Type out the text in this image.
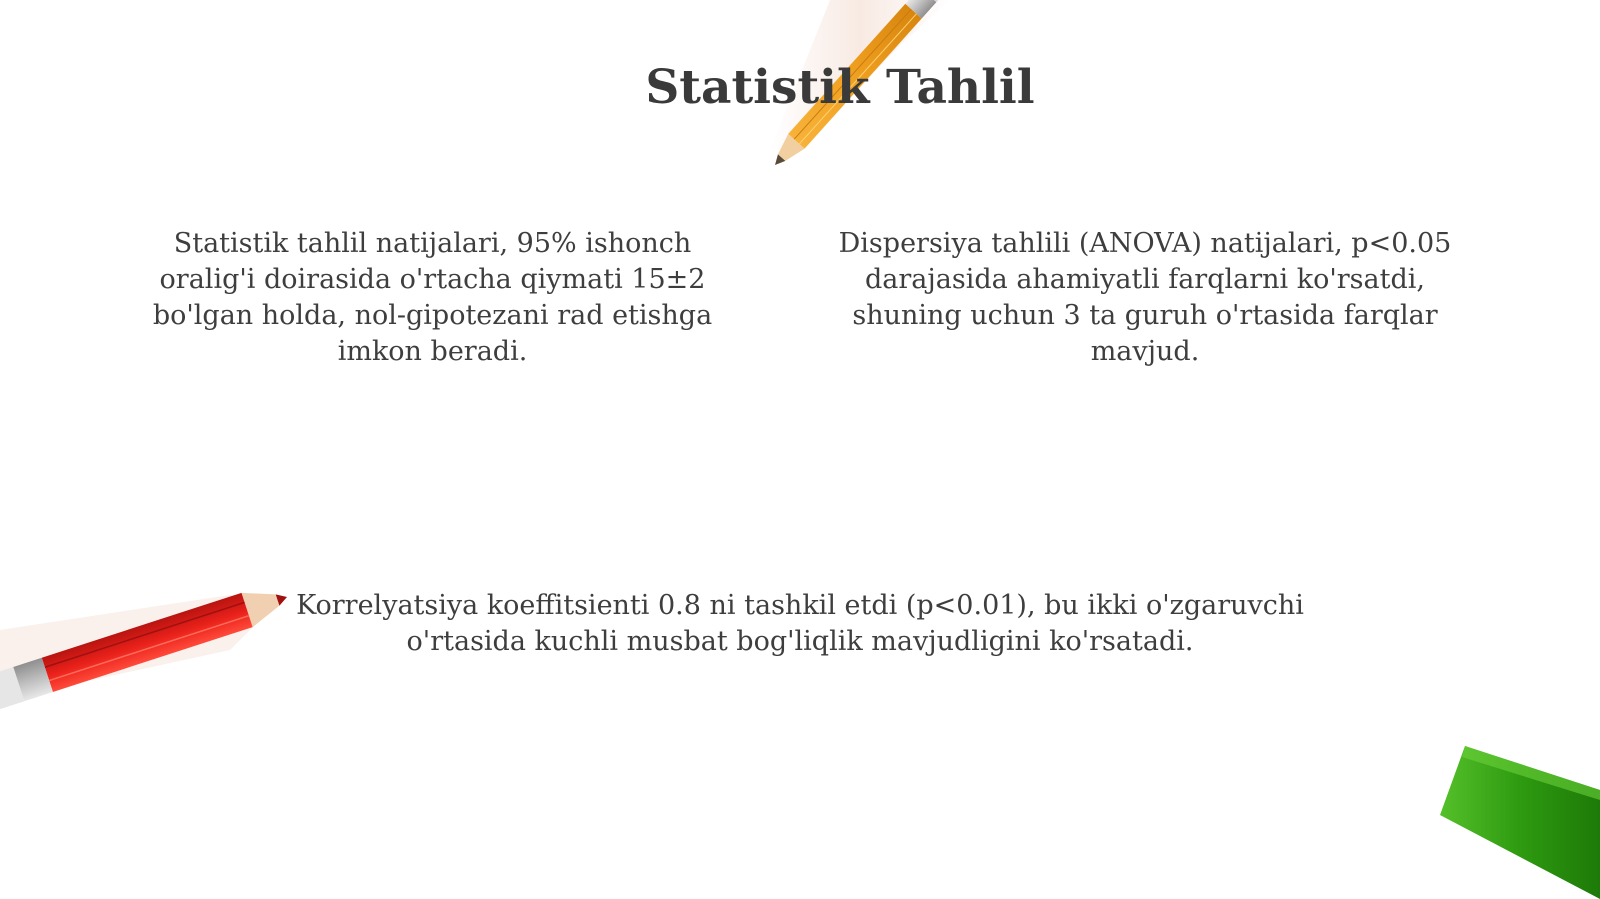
Statistik Tahlil

Statistik tahlil natijalari, 95% ishonch oralig'i doirasida o'rtacha qiymati 15±2 bo'lgan holda, nol-gipotezani rad etishga imkon beradi.

Dispersiya tahlili (ANOVA) natijalari, p<0.05 darajasida ahamiyatli farqlarni ko'rsatdi, shuning uchun 3 ta guruh o'rtasida farqlar mavjud.

Korrelyatsiya koeffitsienti 0.8 ni tashkil etdi (p<0.01), bu ikki o'zgaruvchi o'rtasida kuchli musbat bog'liqlik mavjudligini ko'rsatadi.
